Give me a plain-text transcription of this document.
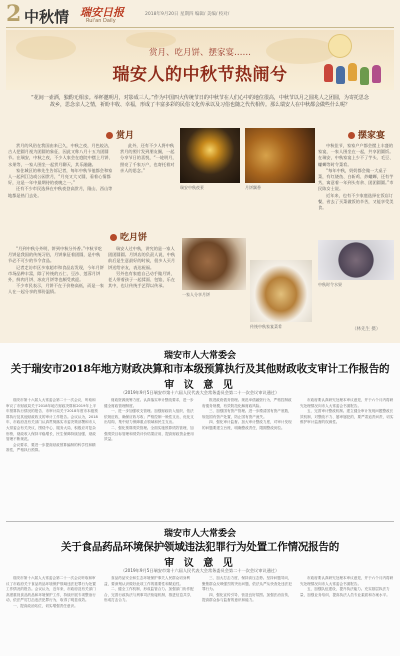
2 中秋情 瑞安日报
Rui'an Daily
2018年9月20日 星期四 编辑/ 美编/ 校对/
赏月、吃月饼、摆家宴……
瑞安人的中秋节热闹兮
“花间一壶酒，独酌无相亲。举杯邀明月，对影成三人。”作为中国四大传统节日的中秋节在人们心中的地位很高，中秋节以月之圆兆人之团圆，为寄托思念故乡，思念亲人之情，祈盼丰收、幸福，形成了丰富多彩的民俗文化传承以及习俗也随之代代相传。那么瑞安人在中秋都会做些什么呢？
赏月

赏月的风俗在我国由来已久，中秋之夜，月色皎洁，古人把圆月视为团圆的象征，因此又称八月十五为团圆节。在瑞安，中秋之夜，不少人家会在庭院中摆上月饼、水果等，一家人围坐一起赏月聊天，其乐融融。

家住城区的林先生告诉记者，每年中秋节他都会和家人一起到江边或公园赏月，“月亮又大又圆，看着心情都好，这是一年中最期待的夜晚之一。”

还有不少市民选择在中秋夜登高赏月，隆山、西山等地都是热门去处。

此外，还有不少人将中秋赏月的照片发到朋友圈，一起分享节日的喜悦，“一轮明月，照亮了千家万户，也寄托着对亲人的思念。”

瑞安中秋夜景	月饼飘香
摆家宴

中秋佳节，家家户户都会摆上丰盛的家宴，一家人围坐在一起，共享团圆饭。在瑞安，中秋家宴上少不了芋头、毛豆、螺蛳等时令菜肴。

“每年中秋，奶奶都会做一大桌子菜，有红烧鱼、白斩鸡、炒螺蛳，还有芋艿，寓意着一年到头有余、团团圆圆。”市民陈女士说。

近年来，也有不少家庭选择在饭店订餐，省去了买菜做饭的辛苦，又能享受美食。

吃月饼

“月到中秋分外明，饼到中秋分外香。”中秋节吃月饼是我国的传统习俗，月饼象征着团圆，是中秋节必不可少的节令食品。

记者走访市区多家超市和食品店发现，今年月饼市场品种丰富，除了传统的五仁、豆沙、莲蓉月饼外，鲜肉月饼、冰皮月饼等也颇受欢迎。

不少市民表示，月饼不在于价格高低，而是一家人在一起分享的那份温情。

瑞安人过中秋，讲究的是一家人团团圆圆。月饼店的负责人说，中秋前后是生意最好的时候，很多人买月饼送给亲友，表达祝福。

另外也有家庭自己动手做月饼，老人带着孩子一起揉面、包馅，乐在其中，也让传统手艺得以传承。

一家人分享月饼
中秋时令水果
传统中秋家宴菜肴
（林先生 摄）
瑞安市人大常委会
关于瑞安市2018年地方财政决算和市本级预算执行及其他财政收支审计工作报告的
审 议 意 见
（2019年9月5日瑞安市第十六届人民代表大会常务委员会第二十一次会议审议通过）

瑞安市第十六届人大常委会第二十一次会议，听取和审议了市财政局关于2018年地方财政决算和2019年上半年预算执行情况的报告、市审计局关于2018年度市本级预算执行及其他财政收支的审计工作报告。会议认为，2018年，市政府及有关部门认真贯彻落实市委决策部署和市人大常委会有关决议，围绕中心、服务大局，积极应对复杂形势，财政收入保持平稳增长，民生保障持续加强，财政管理不断规范。

会议要求，要进一步提高财政预算编制的科学性和精准性，严格执行预算。

财政资源统筹力度。认真落实审计整改要求，进一步健全财政管理制度。

一、进一步加强收支管理。加强财政收入组织，依法依规征收，确保应收尽收；严格控制一般性支出，优化支出结构，集中财力保障重点领域和民生支出。

二、强化预算绩效管理。全面实施预算绩效管理，加强绩效目标管理和绩效评价结果应用，提高财政资金使用效益。

推进政府债务管理。规范举债融资行为，严格控制政府债务规模，有效防范化解财政风险。

三、加强国有资产管理。进一步摸清国有资产底数，规范国有资产处置，防止国有资产流失。

四、强化审计监督。加大审计整改力度，对审计发现的问题要建立台账，明确整改责任，限期整改到位。

市政府要认真研究处理本审议意见，并于六个月内将研究处理情况向市人大常委会书面报告。

五、完善审计整改机制。建立健全审计发现问题整改长效机制，对整改不力、屡审屡犯的，要严肃追责问责，切实维护审计监督的权威性。

瑞安市人大常委会
关于食品药品环境保护领域违法犯罪行为处置工作情况报告的
审 议 意 见
（2019年9月5日瑞安市第十六届人民代表大会常务委员会第二十一次会议审议通过）

瑞安市第十六届人大常委会第二十一次会议听取和审议了市政府关于食品药品环境保护领域违法犯罪行为处置工作情况的报告。会议认为，近年来，市政府及有关部门高度重视食品药品和环境保护工作，持续开展专项整治行动，依法严厉打击违法犯罪行为，取得了明显成效。

一、提高政治站位，切实增强责任意识。

食品药品安全和生态环境保护事关人民群众切身利益，要深刻认识做好此项工作的重要性和紧迫性。

二、健全工作机制，形成监管合力。加强部门协作配合，完善行政执法与刑事司法衔接机制，推进信息共享，形成打击合力。

三、加大打击力度，保持高压态势。坚持问题导向，聚焦群众反映强烈的突出问题，依法从严从快查处违法犯罪行为。

四、强化宣传引导，营造良好氛围。加强法治宣传，提高群众参与监督的意识和能力。

市政府要认真研究处理本审议意见，并于六个月内将研究处理情况向市人大常委会书面报告。

五、加强队伍建设，提升执法能力。充实基层执法力量，加强业务培训，提高执法人员专业素质和办案水平。
